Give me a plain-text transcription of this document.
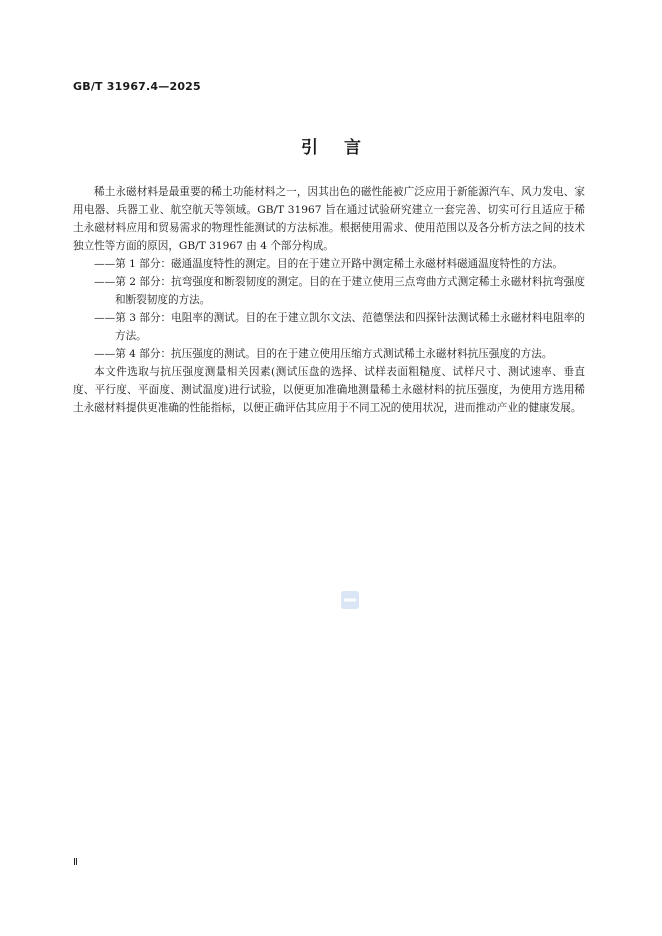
GB/T 31967.4—2025
引言

稀土永磁材料是最重要的稀土功能材料之一，因其出色的磁性能被广泛应用于新能源汽车、风力发电、家用电器、兵器工业、航空航天等领域。GB/T 31967 旨在通过试验研究建立一套完善、切实可行且适应于稀土永磁材料应用和贸易需求的物理性能测试的方法标准。根据使用需求、使用范围以及各分析方法之间的技术独立性等方面的原因，GB/T 31967 由 4 个部分构成。

——第 1 部分：磁通温度特性的测定。目的在于建立开路中测定稀土永磁材料磁通温度特性的方法。

——第 2 部分：抗弯强度和断裂韧度的测定。目的在于建立使用三点弯曲方式测定稀土永磁材料抗弯强度和断裂韧度的方法。

——第 3 部分：电阻率的测试。目的在于建立凯尔文法、范德堡法和四探针法测试稀土永磁材料电阻率的方法。

——第 4 部分：抗压强度的测试。目的在于建立使用压缩方式测试稀土永磁材料抗压强度的方法。

本文件选取与抗压强度测量相关因素(测试压盘的选择、试样表面粗糙度、试样尺寸、测试速率、垂直度、平行度、平面度、测试温度)进行试验，以便更加准确地测量稀土永磁材料的抗压强度，为使用方选用稀土永磁材料提供更准确的性能指标，以便正确评估其应用于不同工况的使用状况，进而推动产业的健康发展。

Ⅱ
